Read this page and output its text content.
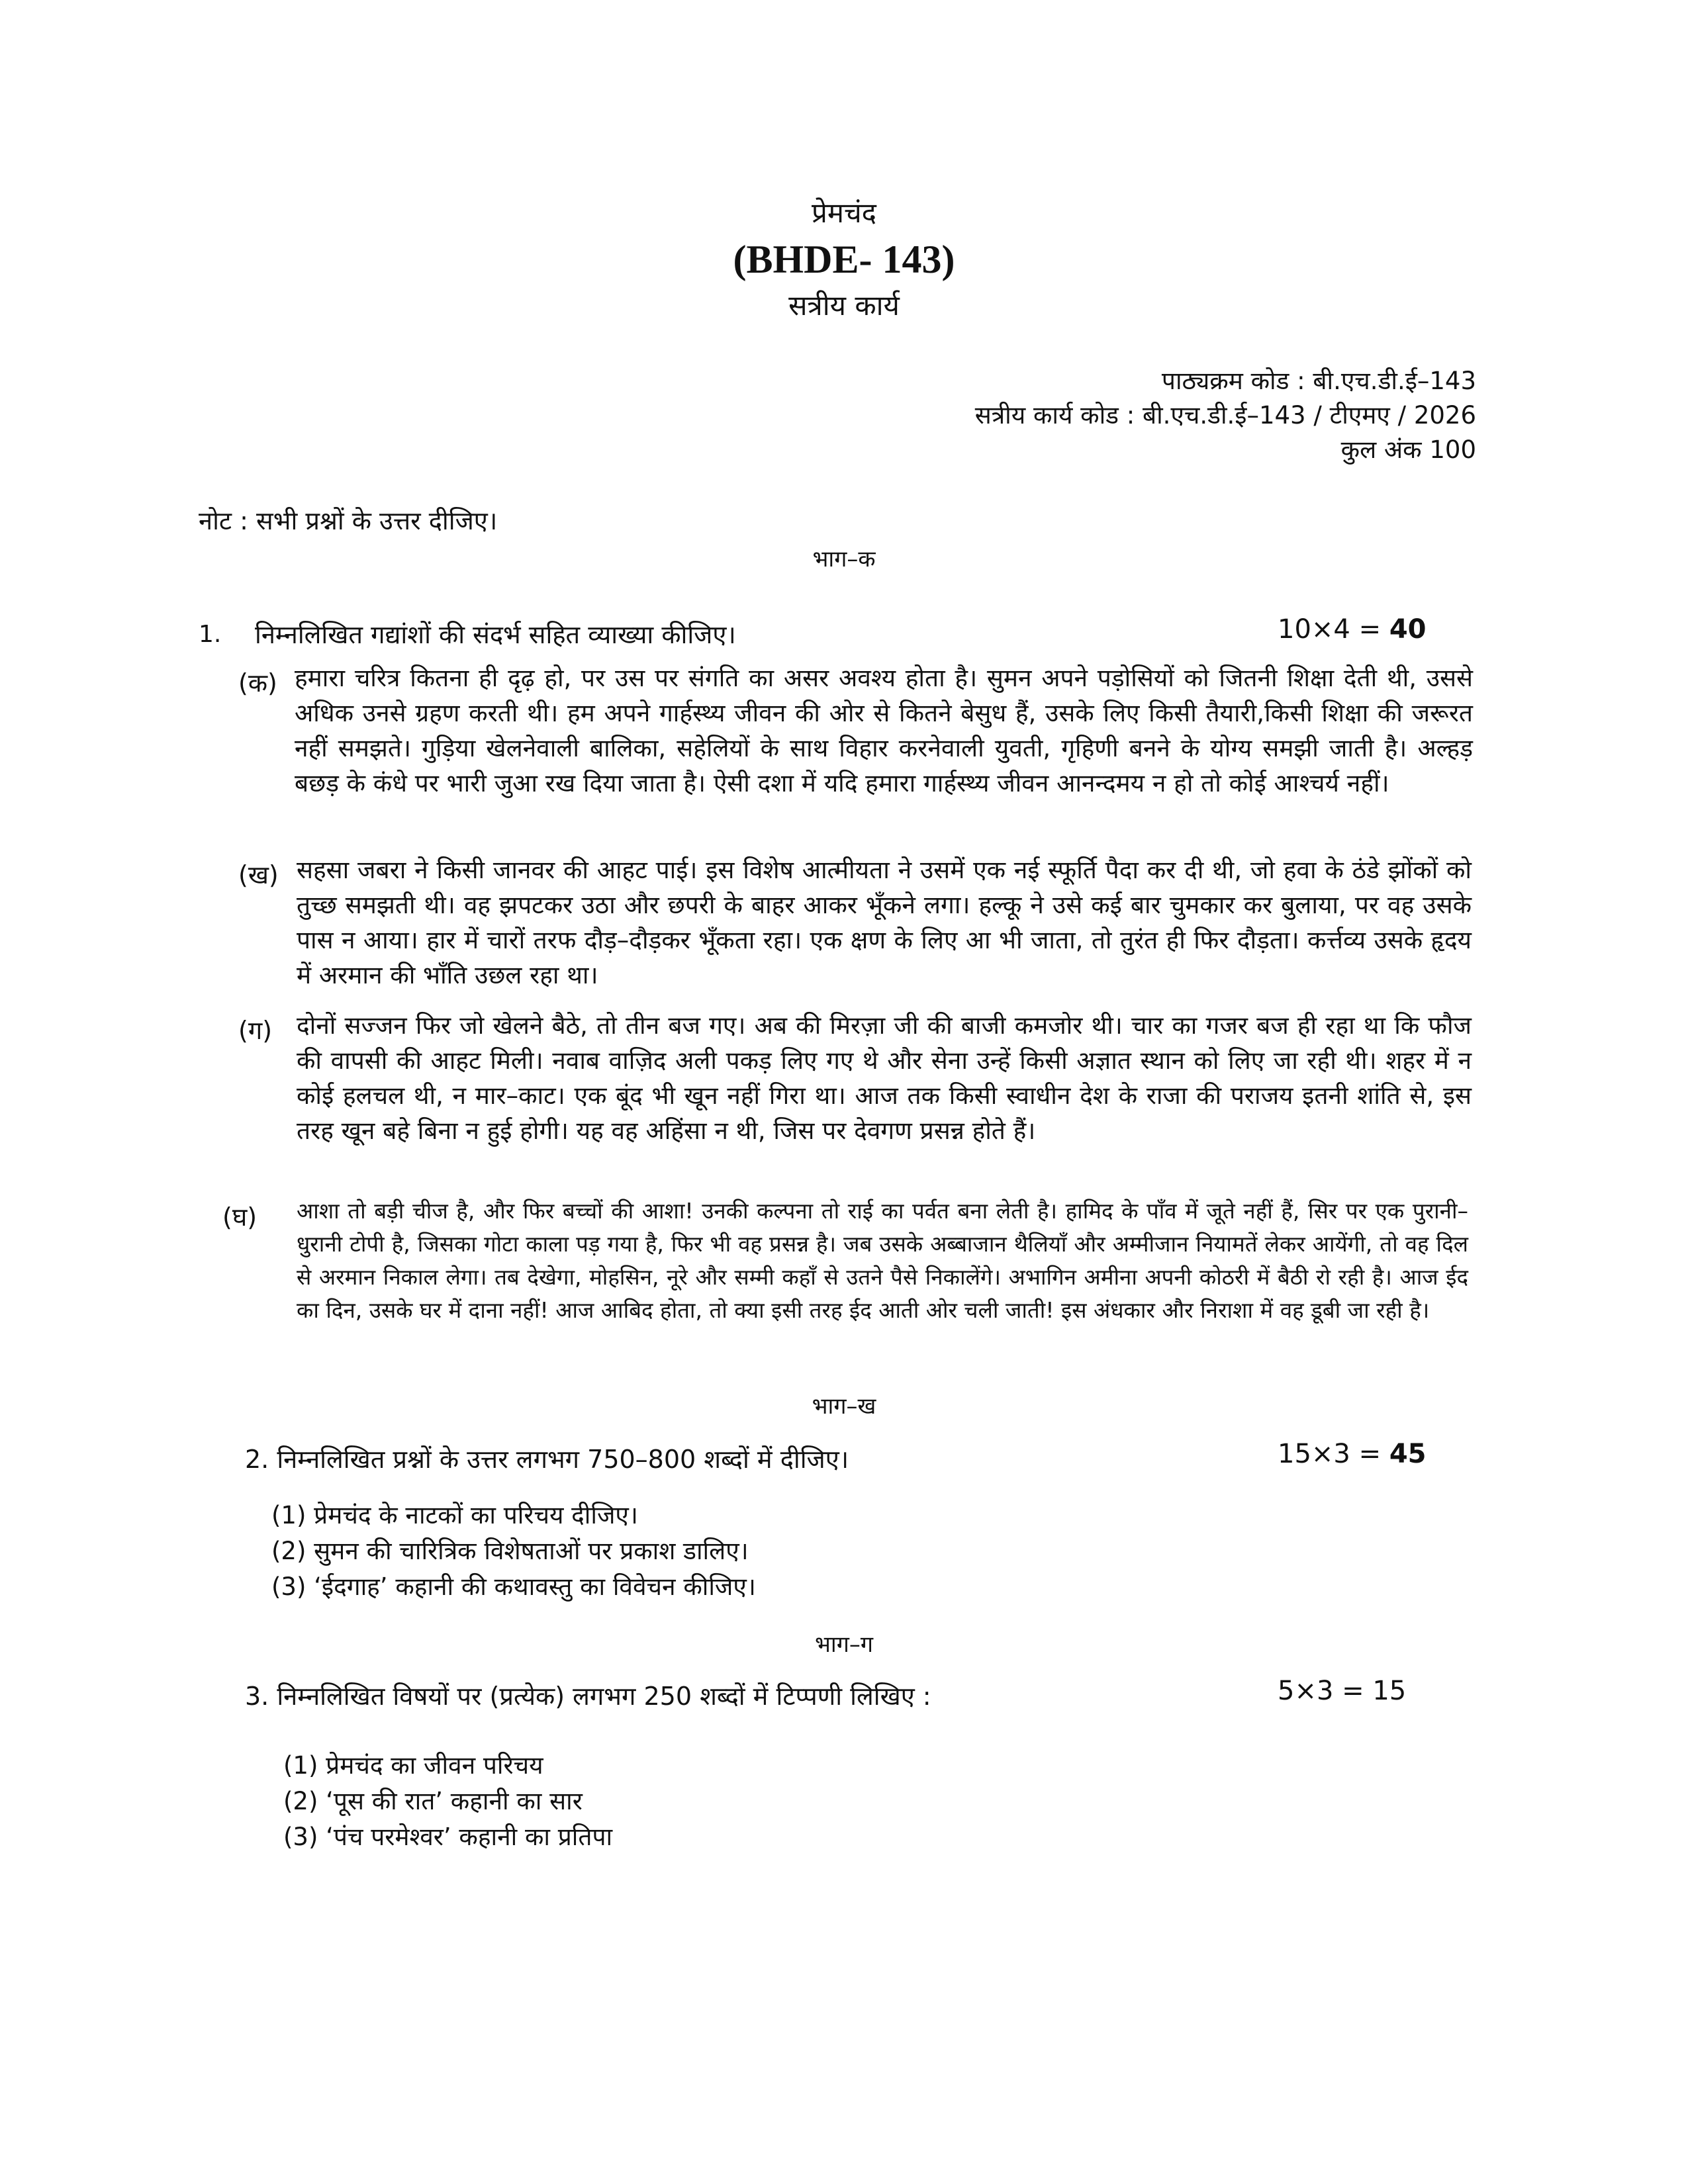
प्रेमचंद
(BHDE- 143)
सत्रीय कार्य
पाठ्यक्रम कोड : बी.एच.डी.ई–143
सत्रीय कार्य कोड : बी.एच.डी.ई–143 / टीएमए / 2026
कुल अंक 100
नोट : सभी प्रश्नों के उत्तर दीजिए।
भाग–क
1. निम्नलिखित गद्यांशों की संदर्भ सहित व्याख्या कीजिए।	10×4 = 40
(क) हमारा चरित्र कितना ही दृढ़ हो, पर उस पर संगति का असर अवश्य होता है। सुमन अपने पड़ोसियों को जितनी शिक्षा देती थी, उससे अधिक उनसे ग्रहण करती थी। हम अपने गार्हस्थ्य जीवन की ओर से कितने बेसुध हैं, उसके लिए किसी तैयारी,किसी शिक्षा की जरूरत नहीं समझते। गुड़िया खेलनेवाली बालिका, सहेलियों के साथ विहार करनेवाली युवती, गृहिणी बनने के योग्य समझी जाती है। अल्हड़ बछड़ के कंधे पर भारी जुआ रख दिया जाता है। ऐसी दशा में यदि हमारा गार्हस्थ्य जीवन आनन्दमय न हो तो कोई आश्चर्य नहीं।
(ख) सहसा जबरा ने किसी जानवर की आहट पाई। इस विशेष आत्मीयता ने उसमें एक नई स्फूर्ति पैदा कर दी थी, जो हवा के ठंडे झोंकों को तुच्छ समझती थी। वह झपटकर उठा और छपरी के बाहर आकर भूँकने लगा। हल्कू ने उसे कई बार चुमकार कर बुलाया, पर वह उसके पास न आया। हार में चारों तरफ दौड़–दौड़कर भूँकता रहा। एक क्षण के लिए आ भी जाता, तो तुरंत ही फिर दौड़ता। कर्त्तव्य उसके हृदय में अरमान की भाँति उछल रहा था।
(ग) दोनों सज्जन फिर जो खेलने बैठे, तो तीन बज गए। अब की मिरज़ा जी की बाजी कमजोर थी। चार का गजर बज ही रहा था कि फौज की वापसी की आहट मिली। नवाब वाज़िद अली पकड़ लिए गए थे और सेना उन्हें किसी अज्ञात स्थान को लिए जा रही थी। शहर में न कोई हलचल थी, न मार–काट। एक बूंद भी खून नहीं गिरा था। आज तक किसी स्वाधीन देश के राजा की पराजय इतनी शांति से, इस तरह खून बहे बिना न हुई होगी। यह वह अहिंसा न थी, जिस पर देवगण प्रसन्न होते हैं।
(घ) आशा तो बड़ी चीज है, और फिर बच्चों की आशा! उनकी कल्पना तो राई का पर्वत बना लेती है। हामिद के पाँव में जूते नहीं हैं, सिर पर एक पुरानी–धुरानी टोपी है, जिसका गोटा काला पड़ गया है, फिर भी वह प्रसन्न है। जब उसके अब्बाजान थैलियाँ और अम्मीजान नियामतें लेकर आयेंगी, तो वह दिल से अरमान निकाल लेगा। तब देखेगा, मोहसिन, नूरे और सम्मी कहाँ से उतने पैसे निकालेंगे। अभागिन अमीना अपनी कोठरी में बैठी रो रही है। आज ईद का दिन, उसके घर में दाना नहीं! आज आबिद होता, तो क्या इसी तरह ईद आती ओर चली जाती! इस अंधकार और निराशा में वह डूबी जा रही है।
भाग–ख
2. निम्नलिखित प्रश्नों के उत्तर लगभग 750–800 शब्दों में दीजिए।	15×3 = 45
(1) प्रेमचंद के नाटकों का परिचय दीजिए।
(2) सुमन की चारित्रिक विशेषताओं पर प्रकाश डालिए।
(3) ‘ईदगाह’ कहानी की कथावस्तु का विवेचन कीजिए।
भाग–ग
3. निम्नलिखित विषयों पर (प्रत्येक) लगभग 250 शब्दों में टिप्पणी लिखिए :	5×3 = 15
(1) प्रेमचंद का जीवन परिचय
(2) ‘पूस की रात’ कहानी का सार
(3) ‘पंच परमेश्वर’ कहानी का प्रतिपा
